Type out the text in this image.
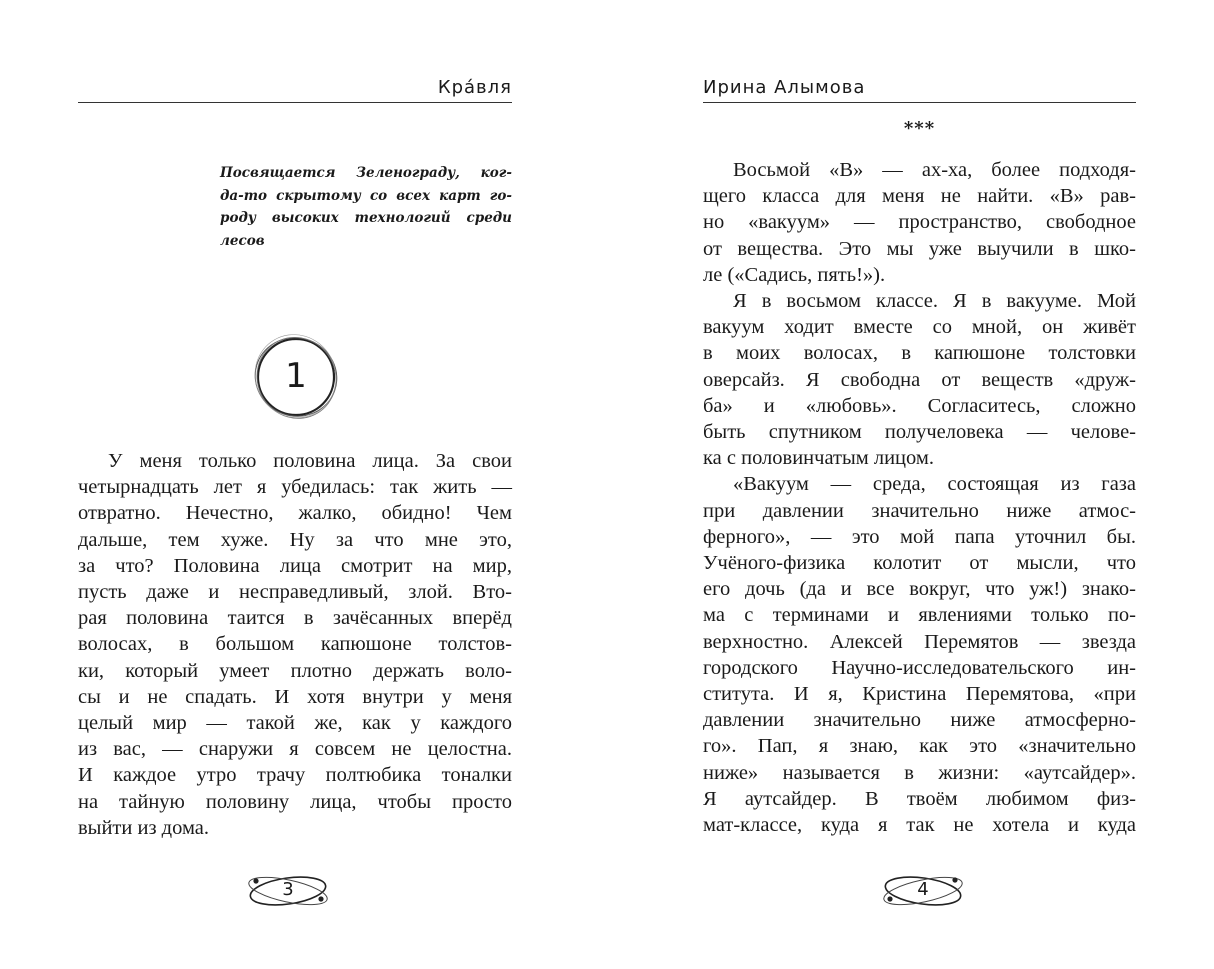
Кра́вля
Посвящается Зеленограду, ког-
да-то скрытому со всех карт го-
роду высоких технологий среди
лесов
1
У меня только половина лица. За свои
четырнадцать лет я убедилась: так жить —
отвратно. Нечестно, жалко, обидно! Чем
дальше, тем хуже. Ну за что мне это,
за что? Половина лица смотрит на мир,
пусть даже и несправедливый, злой. Вто-
рая половина таится в зачёсанных вперёд
волосах, в большом капюшоне толстов-
ки, который умеет плотно держать воло-
сы и не спадать. И хотя внутри у меня
целый мир — такой же, как у каждого
из вас, — снаружи я совсем не целостна.
И каждое утро трачу полтюбика тоналки
на тайную половину лица, чтобы просто
выйти из дома.
3
Ирина Алымова
***
Восьмой «В» — ах-ха, более подходя-
щего класса для меня не найти. «В» рав-
но «вакуум» — пространство, свободное
от вещества. Это мы уже выучили в шко-
ле («Садись, пять!»).
Я в восьмом классе. Я в вакууме. Мой
вакуум ходит вместе со мной, он живёт
в моих волосах, в капюшоне толстовки
оверсайз. Я свободна от веществ «друж-
ба» и «любовь». Согласитесь, сложно
быть спутником получеловека — челове-
ка с половинчатым лицом.
«Вакуум — среда, состоящая из газа
при давлении значительно ниже атмос-
ферного», — это мой папа уточнил бы.
Учёного-физика колотит от мысли, что
его дочь (да и все вокруг, что уж!) знако-
ма с терминами и явлениями только по-
верхностно. Алексей Перемятов — звезда
городского Научно-исследовательского ин-
ститута. И я, Кристина Перемятова, «при
давлении значительно ниже атмосферно-
го». Пап, я знаю, как это «значительно
ниже» называется в жизни: «аутсайдер».
Я аутсайдер. В твоём любимом физ-
мат-классе, куда я так не хотела и куда
4
